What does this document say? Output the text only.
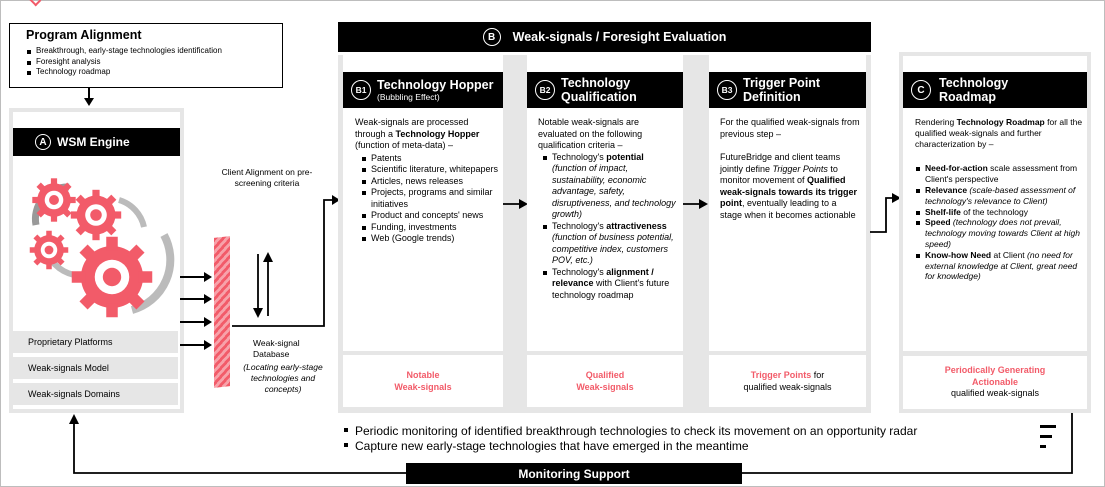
Program Alignment
Breakthrough, early-stage technologies identification
Foresight analysis
Technology roadmap
A WSM Engine
Proprietary Platforms
Weak-signals Model
Weak-signals Domains
Client Alignment on pre-screening criteria
Weak-signal Database
(Locating early-stage technologies and concepts)
B	Weak-signals / Foresight Evaluation
B1 Technology Hopper
(Bubbling Effect)
Weak-signals are processed through a Technology Hopper (function of meta-data) –
Patents
Scientific literature, whitepapers
Articles, news releases
Projects, programs and similar initiatives
Product and concepts' news
Funding, investments
Web (Google trends)
Notable
Weak-signals
B2 Technology Qualification
Notable weak-signals are evaluated on the following qualification criteria –
Technology's potential
(function of impact, sustainability, economic advantage, safety, disruptiveness, and technology growth)
Technology's attractiveness (function of business potential, competitive index, customers POV, etc.)
Technology's alignment / relevance with Client's future technology roadmap
Qualified
Weak-signals
B3 Trigger Point Definition
For the qualified weak-signals from previous step –
FutureBridge and client teams jointly define Trigger Points to monitor movement of Qualified weak-signals towards its trigger point, eventually leading to a stage when it becomes actionable
Trigger Points for
qualified weak-signals
C	Technology Roadmap
Rendering Technology Roadmap for all the qualified weak-signals and further characterization by –
Need-for-action scale assessment from Client's perspective
Relevance (scale-based assessment of technology's relevance to Client)
Shelf-life of the technology
Speed (technology does not prevail, technology moving towards Client at high speed)
Know-how Need at Client (no need for external knowledge at Client, great need for knowledge)
Periodically Generating Actionable
qualified weak-signals
Periodic monitoring of identified breakthrough technologies to check its movement on an opportunity radar
Capture new early-stage technologies that have emerged in the meantime
Monitoring Support
